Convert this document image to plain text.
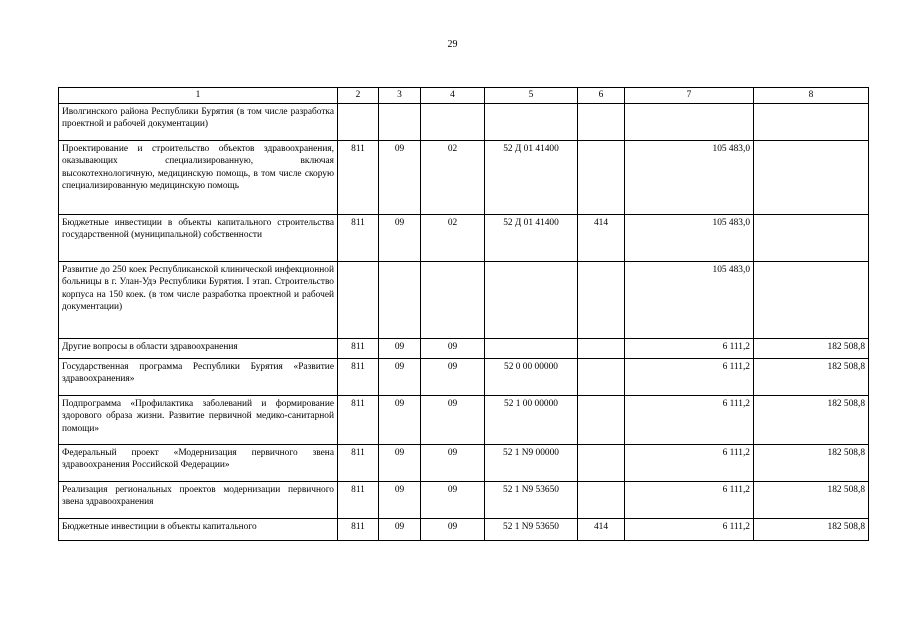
29
1	2	3	4	5	6	7	8
Иволгинского района Республики Бурятия (в том числе разработка проектной и рабочей документации)							
Проектирование и строительство объектов здравоохранения, оказывающих специализированную, включая высокотехнологичную, медицинскую помощь, в том числе скорую специализированную медицинскую помощь	811	09	02	52 Д 01 41400		105 483,0	
Бюджетные инвестиции в объекты капитального строительства государственной (муниципальной) собственности	811	09	02	52 Д 01 41400	414	105 483,0	
Развитие до 250 коек Республиканской клинической инфекционной больницы в г. Улан-Удэ Республики Бурятия. I этап. Строительство корпуса на 150 коек. (в том числе разработка проектной и рабочей документации)						105 483,0	
Другие вопросы в области здравоохранения	811	09	09			6 111,2	182 508,8
Государственная программа Республики Бурятия «Развитие здравоохранения»	811	09	09	52 0 00 00000		6 111,2	182 508,8
Подпрограмма «Профилактика заболеваний и формирование здорового образа жизни. Развитие первичной медико-санитарной помощи»	811	09	09	52 1 00 00000		6 111,2	182 508,8
Федеральный проект «Модернизация первичного звена здравоохранения Российской Федерации»	811	09	09	52 1 N9 00000		6 111,2	182 508,8
Реализация региональных проектов модернизации первичного звена здравоохранения	811	09	09	52 1 N9 53650		6 111,2	182 508,8
Бюджетные инвестиции в объекты капитального	811	09	09	52 1 N9 53650	414	6 111,2	182 508,8
